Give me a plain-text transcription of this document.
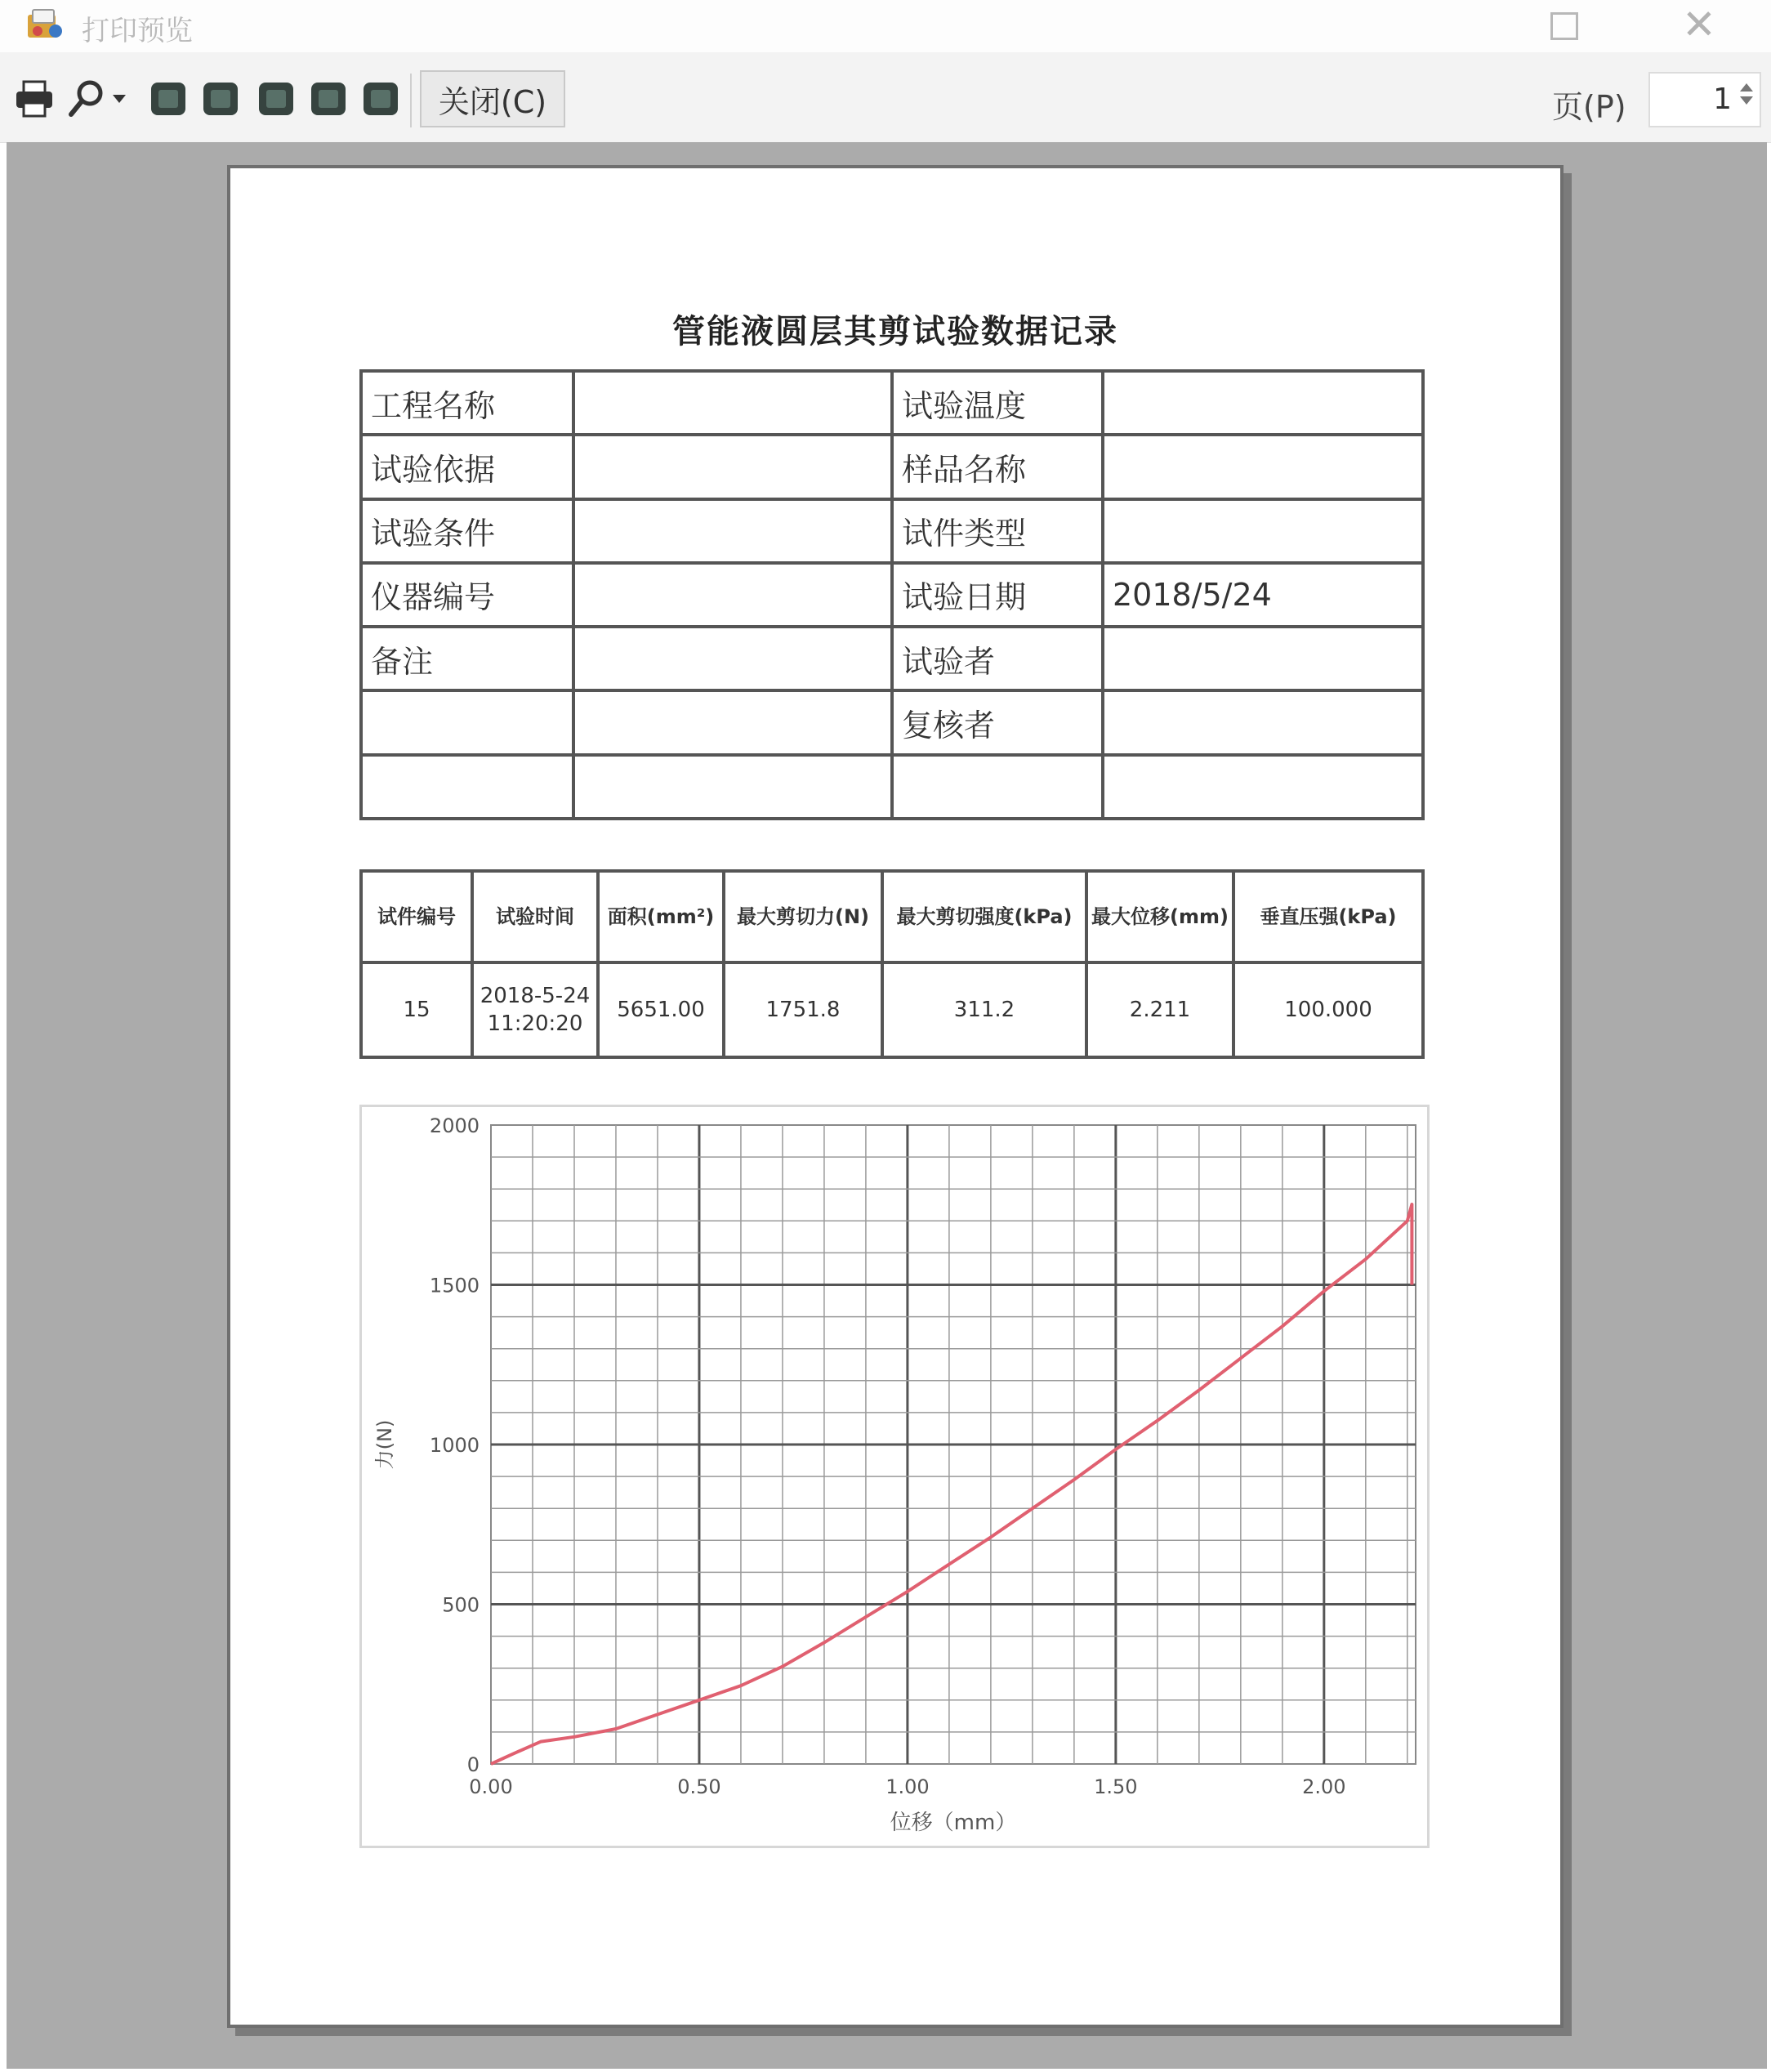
打印预览	✕
关闭(C)	页(P)
1
管能液圆层其剪试验数据记录
工程名称		试验温度	
试验依据		样品名称	
试验条件		试件类型	
仪器编号		试验日期	2018/5/24
备注		试验者	
		复核者	

试件编号	试验时间	面积(mm²)	最大剪切力(N)	最大剪切强度(kPa)	最大位移(mm)	垂直压强(kPa)
15	2018-5-24 11:20:20	5651.00	1751.8	311.2	2.211	100.000
0
500
1000
1500
2000
0.00	0.50	1.00	1.50	2.00
位移（mm）
力(N)
